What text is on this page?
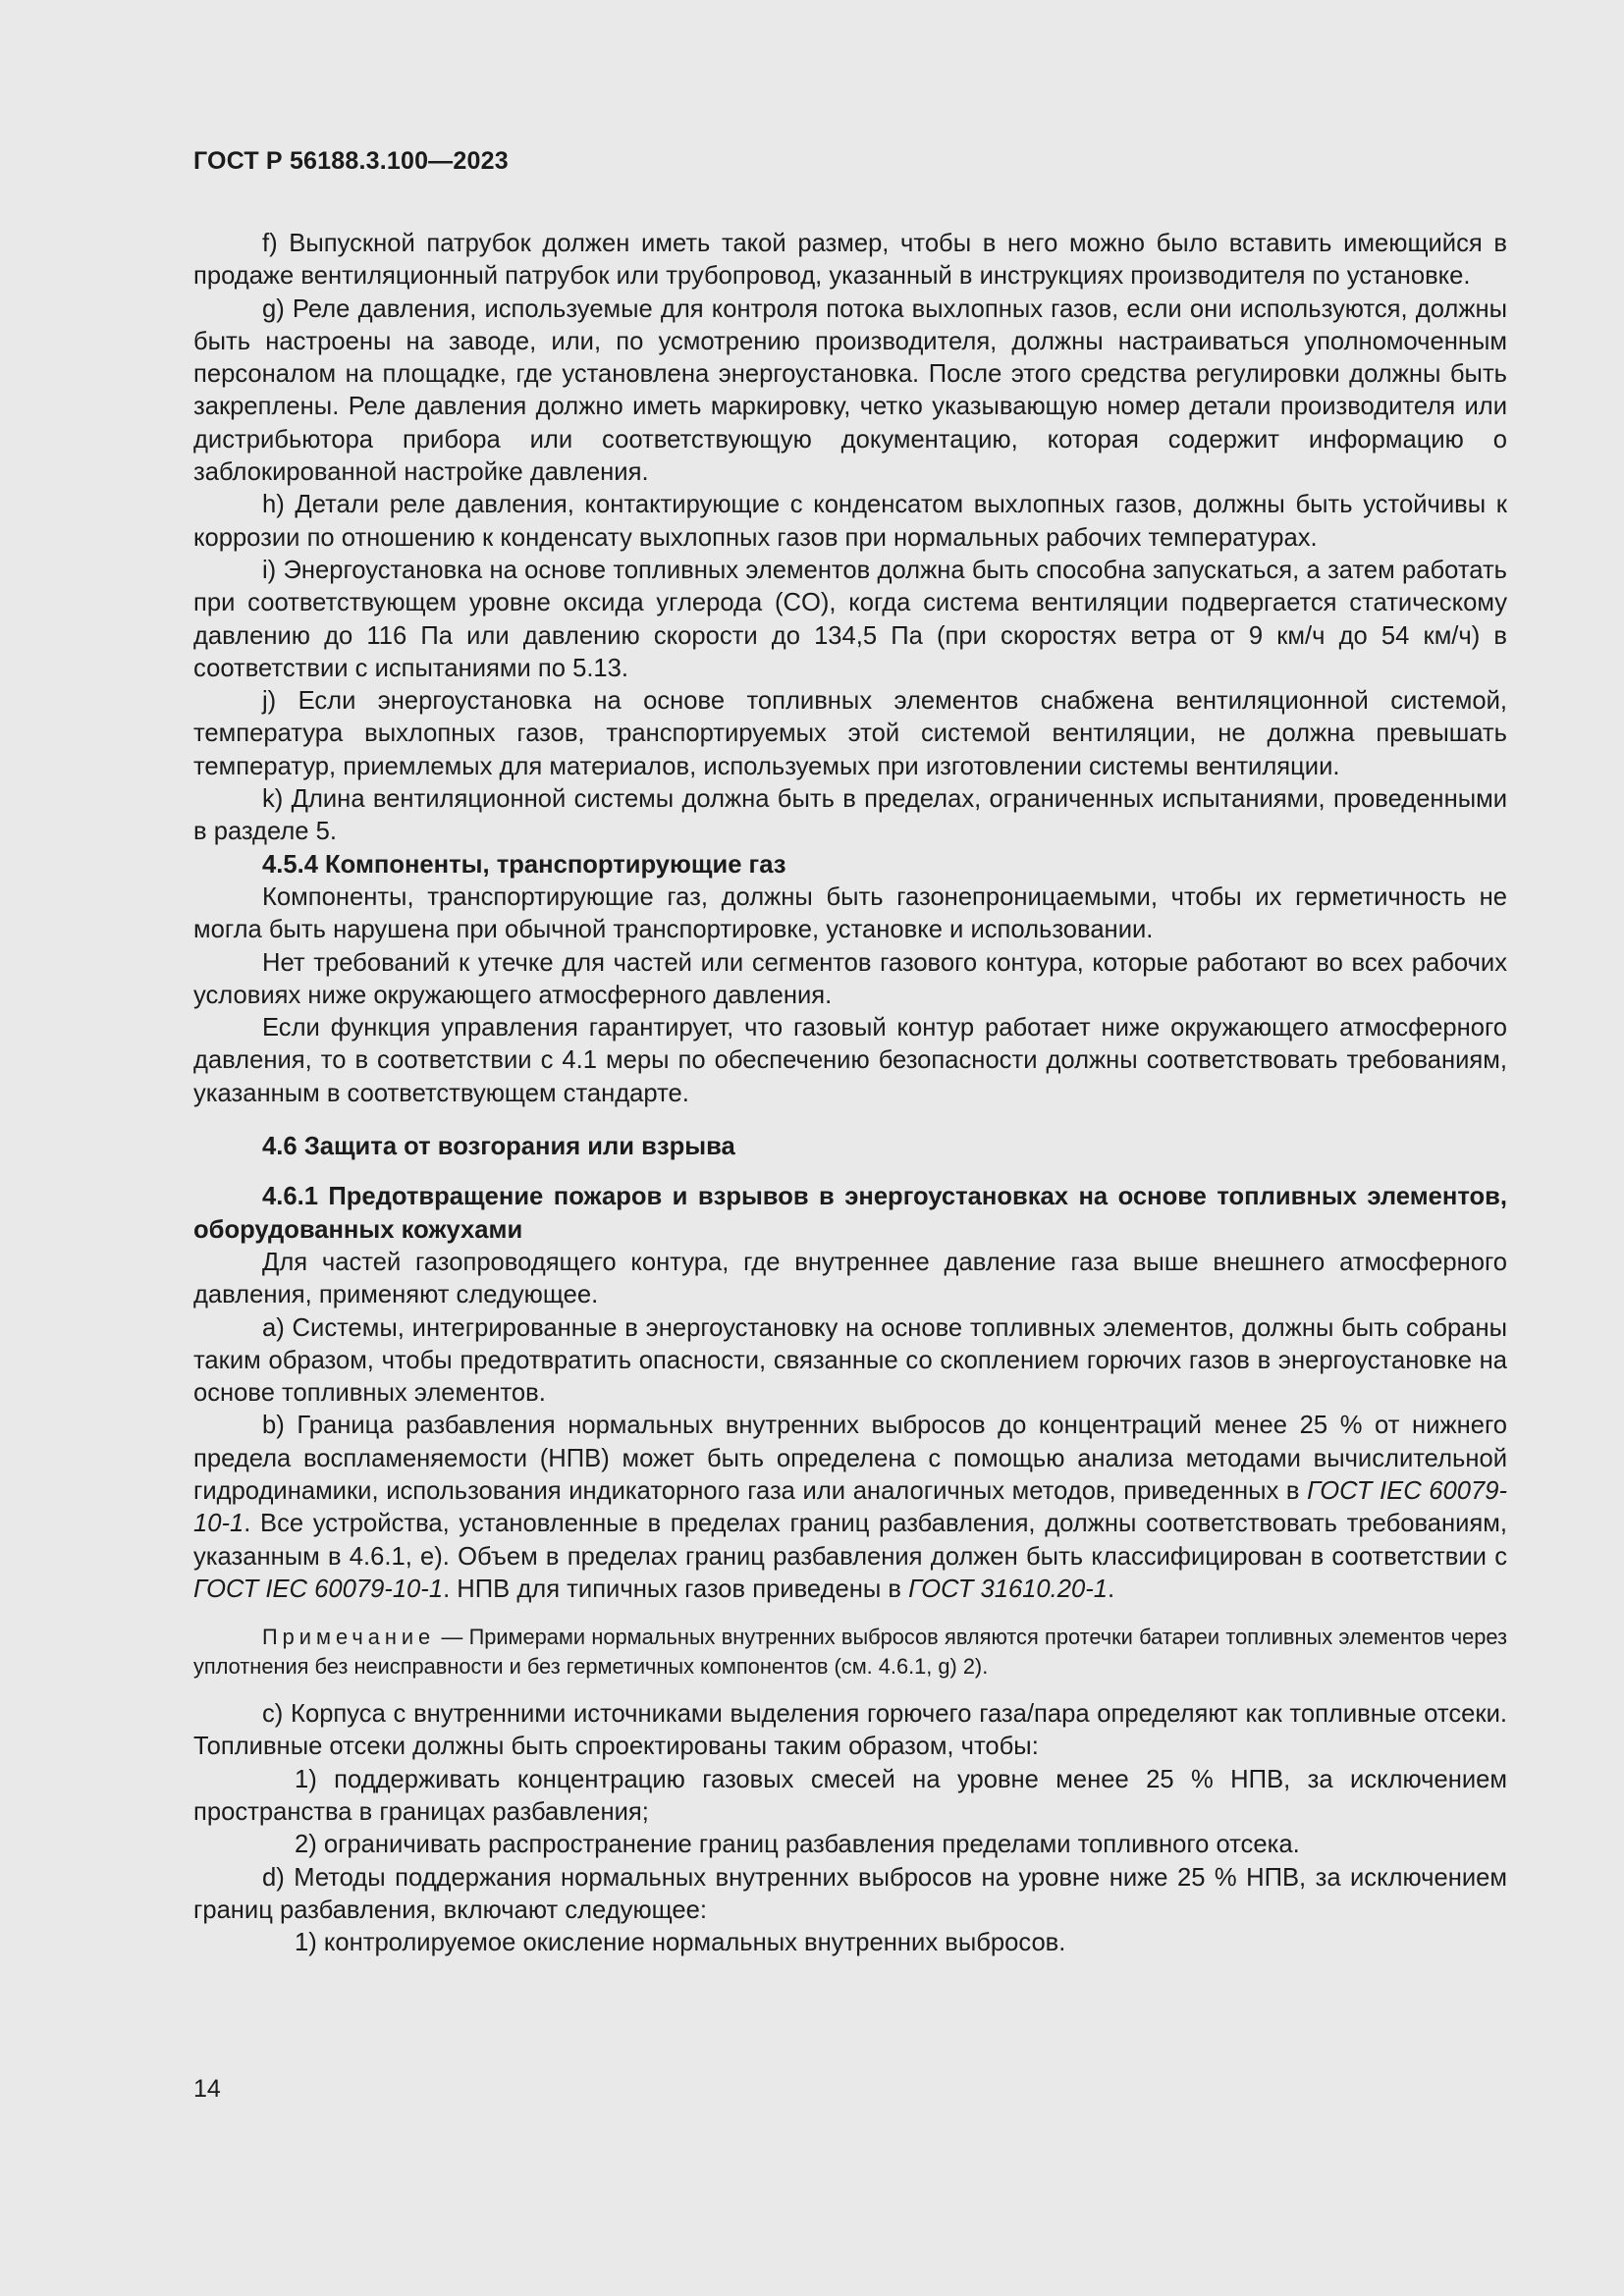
ГОСТ Р 56188.3.100—2023

f) Выпускной патрубок должен иметь такой размер, чтобы в него можно было вставить имеющийся в продаже вентиляционный патрубок или трубопровод, указанный в инструкциях производителя по установке.

g) Реле давления, используемые для контроля потока выхлопных газов, если они используются, должны быть настроены на заводе, или, по усмотрению производителя, должны настраиваться уполномоченным персоналом на площадке, где установлена энергоустановка. После этого средства регулировки должны быть закреплены. Реле давления должно иметь маркировку, четко указывающую номер детали производителя или дистрибьютора прибора или соответствующую документацию, которая содержит информацию о заблокированной настройке давления.

h) Детали реле давления, контактирующие с конденсатом выхлопных газов, должны быть устойчивы к коррозии по отношению к конденсату выхлопных газов при нормальных рабочих температурах.

i) Энергоустановка на основе топливных элементов должна быть способна запускаться, а затем работать при соответствующем уровне оксида углерода (CO), когда система вентиляции подвергается статическому давлению до 116 Па или давлению скорости до 134,5 Па (при скоростях ветра от 9 км/ч до 54 км/ч) в соответствии с испытаниями по 5.13.

j) Если энергоустановка на основе топливных элементов снабжена вентиляционной системой, температура выхлопных газов, транспортируемых этой системой вентиляции, не должна превышать температур, приемлемых для материалов, используемых при изготовлении системы вентиляции.

k) Длина вентиляционной системы должна быть в пределах, ограниченных испытаниями, проведенными в разделе 5.

4.5.4 Компоненты, транспортирующие газ

Компоненты, транспортирующие газ, должны быть газонепроницаемыми, чтобы их герметичность не могла быть нарушена при обычной транспортировке, установке и использовании.

Нет требований к утечке для частей или сегментов газового контура, которые работают во всех рабочих условиях ниже окружающего атмосферного давления.

Если функция управления гарантирует, что газовый контур работает ниже окружающего атмосферного давления, то в соответствии с 4.1 меры по обеспечению безопасности должны соответствовать требованиям, указанным в соответствующем стандарте.

4.6 Защита от возгорания или взрыва

4.6.1 Предотвращение пожаров и взрывов в энергоустановках на основе топливных элементов, оборудованных кожухами

Для частей газопроводящего контура, где внутреннее давление газа выше внешнего атмосферного давления, применяют следующее.

a) Системы, интегрированные в энергоустановку на основе топливных элементов, должны быть собраны таким образом, чтобы предотвратить опасности, связанные со скоплением горючих газов в энергоустановке на основе топливных элементов.

b) Граница разбавления нормальных внутренних выбросов до концентраций менее 25 % от нижнего предела воспламеняемости (НПВ) может быть определена с помощью анализа методами вычислительной гидродинамики, использования индикаторного газа или аналогичных методов, приведенных в ГОСТ IEC 60079-10-1. Все устройства, установленные в пределах границ разбавления, должны соответствовать требованиям, указанным в 4.6.1, е). Объем в пределах границ разбавления должен быть классифицирован в соответствии с ГОСТ IEC 60079-10-1. НПВ для типичных газов приведены в ГОСТ 31610.20-1.

Примечание — Примерами нормальных внутренних выбросов являются протечки батареи топливных элементов через уплотнения без неисправности и без герметичных компонентов (см. 4.6.1, g) 2).

c) Корпуса с внутренними источниками выделения горючего газа/пара определяют как топливные отсеки. Топливные отсеки должны быть спроектированы таким образом, чтобы:

1) поддерживать концентрацию газовых смесей на уровне менее 25 % НПВ, за исключением пространства в границах разбавления;

2) ограничивать распространение границ разбавления пределами топливного отсека.

d) Методы поддержания нормальных внутренних выбросов на уровне ниже 25 % НПВ, за исключением границ разбавления, включают следующее:

1) контролируемое окисление нормальных внутренних выбросов.

14
